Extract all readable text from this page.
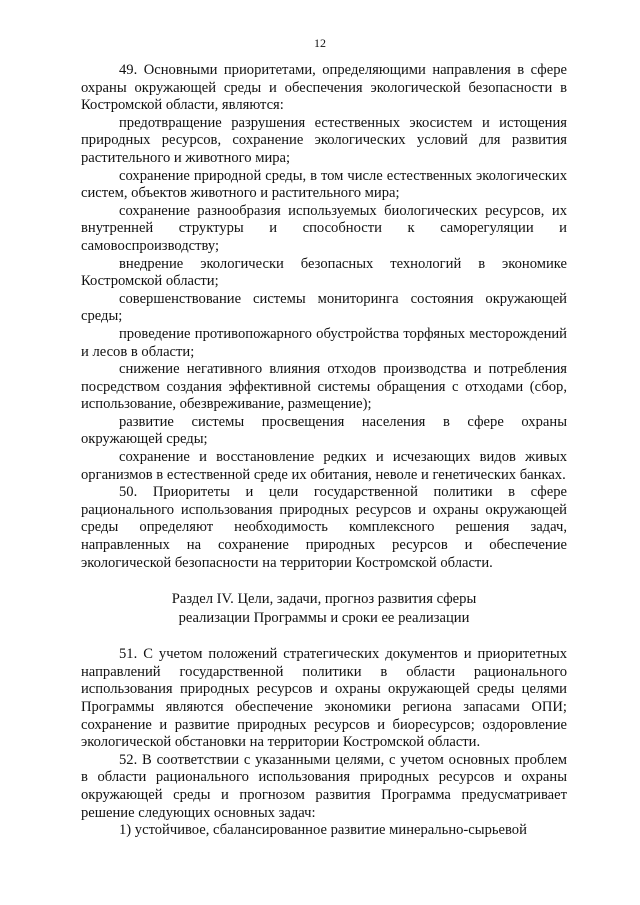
12

49. Основными приоритетами, определяющими направления в сфере охраны окружающей среды и обеспечения экологической безопасности в Костромской области, являются:

предотвращение разрушения естественных экосистем и истощения природных ресурсов, сохранение экологических условий для развития растительного и животного мира;

сохранение природной среды, в том числе естественных экологических систем, объектов животного и растительного мира;

сохранение разнообразия используемых биологических ресурсов, их внутренней структуры и способности к саморегуляции и самовоспроизводству;

внедрение экологически безопасных технологий в экономике Костромской области;

совершенствование системы мониторинга состояния окружающей среды;

проведение противопожарного обустройства торфяных месторождений и лесов в области;

снижение негативного влияния отходов производства и потребления посредством создания эффективной системы обращения с отходами (сбор, использование, обезвреживание, размещение);

развитие системы просвещения населения в сфере охраны окружающей среды;

сохранение и восстановление редких и исчезающих видов живых организмов в естественной среде их обитания, неволе и генетических банках.

50. Приоритеты и цели государственной политики в сфере рационального использования природных ресурсов и охраны окружающей среды определяют необходимость комплексного решения задач, направленных на сохранение природных ресурсов и обеспечение экологической безопасности на территории Костромской области.

Раздел IV. Цели, задачи, прогноз развития сферы
реализации Программы и сроки ее реализации

51. С учетом положений стратегических документов и приоритетных направлений государственной политики в области рационального использования природных ресурсов и охраны окружающей среды целями Программы являются обеспечение экономики региона запасами ОПИ; сохранение и развитие природных ресурсов и биоресурсов; оздоровление экологической обстановки на территории Костромской области.

52. В соответствии с указанными целями, с учетом основных проблем в области рационального использования природных ресурсов и охраны окружающей среды и прогнозом развития Программа предусматривает решение следующих основных задач:

1) устойчивое, сбалансированное развитие минерально-сырьевой
